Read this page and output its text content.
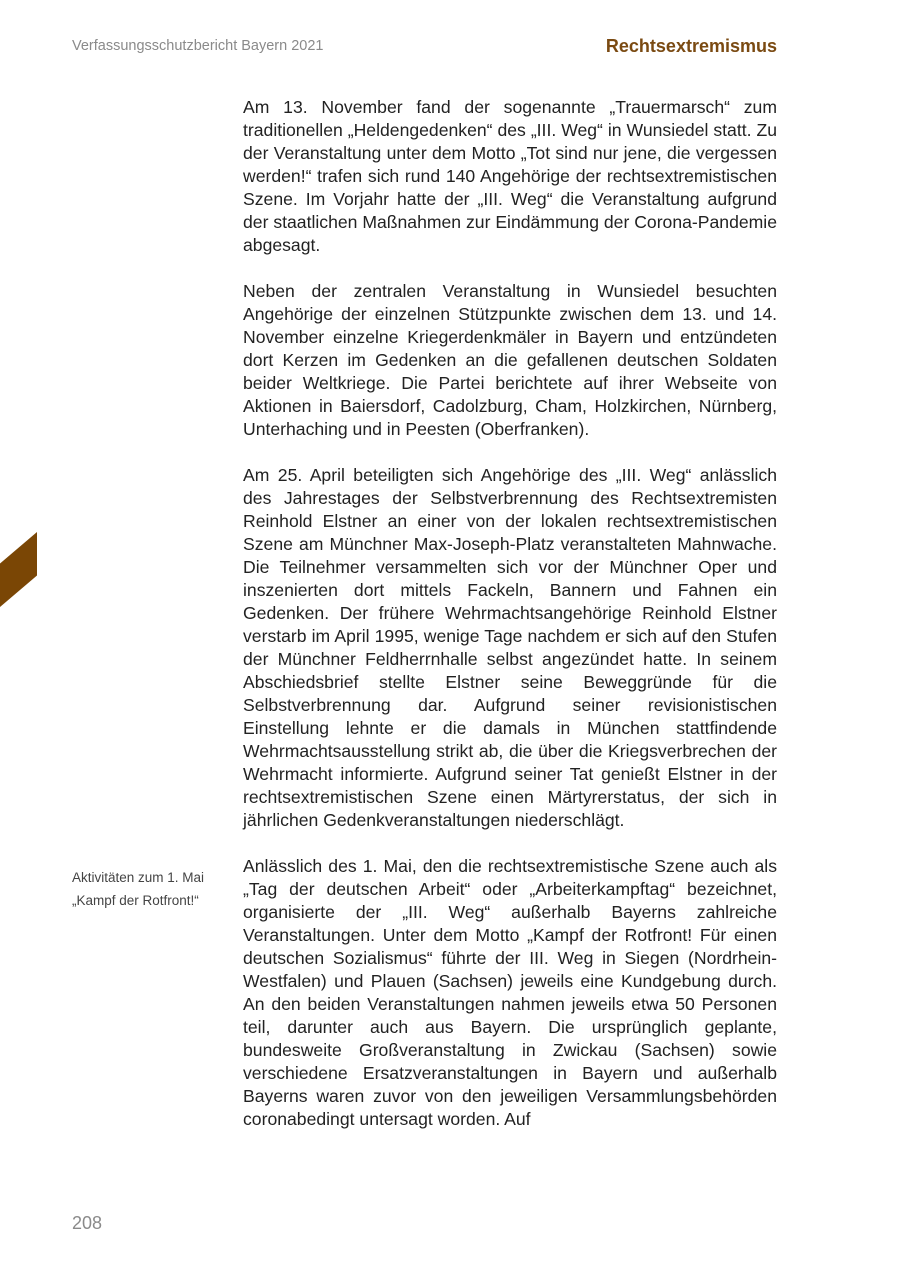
Verfassungsschutzbericht Bayern 2021	Rechtsextremismus
Aktivitäten zum 1. Mai „Kampf der Rotfront!“

Am 13. November fand der sogenannte „Trauermarsch“ zum traditionellen „Heldengedenken“ des „III. Weg“ in Wunsiedel statt. Zu der Veranstaltung unter dem Motto „Tot sind nur jene, die vergessen werden!“ trafen sich rund 140 Angehörige der rechtsextremistischen Szene. Im Vorjahr hatte der „III. Weg“ die Veranstaltung aufgrund der staatlichen Maßnahmen zur Eindämmung der Corona-Pandemie abgesagt.

Neben der zentralen Veranstaltung in Wunsiedel besuchten Angehörige der einzelnen Stützpunkte zwischen dem 13. und 14. November einzelne Kriegerdenkmäler in Bayern und entzündeten dort Kerzen im Gedenken an die gefallenen deutschen Soldaten beider Weltkriege. Die Partei berichtete auf ihrer Webseite von Aktionen in Baiersdorf, Cadolzburg, Cham, Holzkirchen, Nürnberg, Unterhaching und in Peesten (Oberfranken).

Am 25. April beteiligten sich Angehörige des „III. Weg“ anlässlich des Jahrestages der Selbstverbrennung des Rechtsextremisten Reinhold Elstner an einer von der lokalen rechtsextremistischen Szene am Münchner Max-Joseph-Platz veranstalteten Mahnwache. Die Teilnehmer versammelten sich vor der Münchner Oper und inszenierten dort mittels Fackeln, Bannern und Fahnen ein Gedenken. Der frühere Wehrmachtsangehörige Reinhold Elstner verstarb im April 1995, wenige Tage nachdem er sich auf den Stufen der Münchner Feldherrnhalle selbst angezündet hatte. In seinem Abschiedsbrief stellte Elstner seine Beweggründe für die Selbstverbrennung dar. Aufgrund seiner revisionistischen Einstellung lehnte er die damals in München stattfindende Wehrmachtsausstellung strikt ab, die über die Kriegsverbrechen der Wehrmacht informierte. Aufgrund seiner Tat genießt Elstner in der rechtsextremistischen Szene einen Märtyrerstatus, der sich in jährlichen Gedenkveranstaltungen niederschlägt.

Anlässlich des 1. Mai, den die rechtsextremistische Szene auch als „Tag der deutschen Arbeit“ oder „Arbeiterkampftag“ bezeichnet, organisierte der „III. Weg“ außerhalb Bayerns zahlreiche Veranstaltungen. Unter dem Motto „Kampf der Rotfront! Für einen deutschen Sozialismus“ führte der III. Weg in Siegen (Nordrhein-Westfalen) und Plauen (Sachsen) jeweils eine Kundgebung durch. An den beiden Veranstaltungen nahmen jeweils etwa 50 Personen teil, darunter auch aus Bayern. Die ursprünglich geplante, bundesweite Großveranstaltung in Zwickau (Sachsen) sowie verschiedene Ersatzveranstaltungen in Bayern und außerhalb Bayerns waren zuvor von den jeweiligen Versammlungsbehörden coronabedingt untersagt worden. Auf

208
